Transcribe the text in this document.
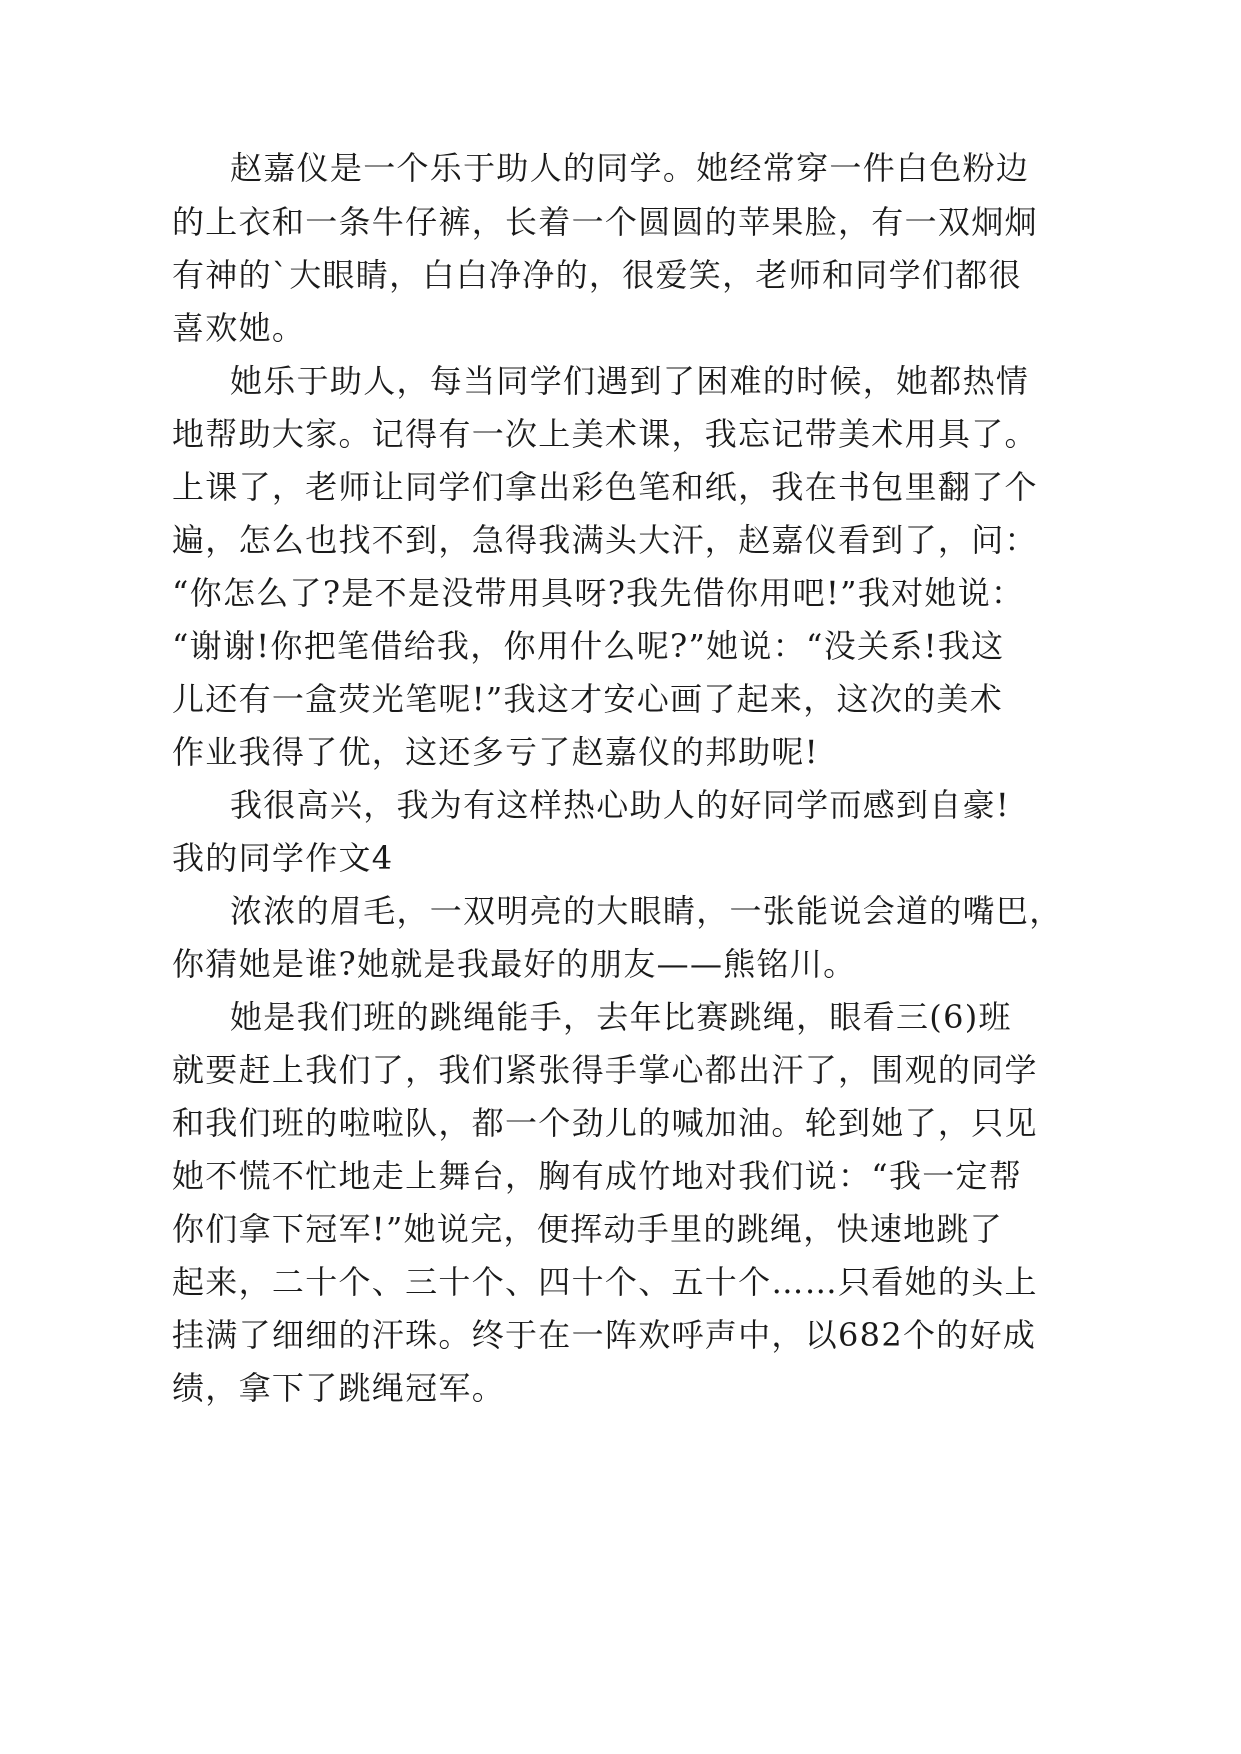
赵嘉仪是一个乐于助人的同学。她经常穿一件白色粉边
的上衣和一条牛仔裤，长着一个圆圆的苹果脸，有一双炯炯
有神的`大眼睛，白白净净的，很爱笑，老师和同学们都很
喜欢她。
她乐于助人，每当同学们遇到了困难的时候，她都热情
地帮助大家。记得有一次上美术课，我忘记带美术用具了。
上课了，老师让同学们拿出彩色笔和纸，我在书包里翻了个
遍，怎么也找不到，急得我满头大汗，赵嘉仪看到了，问：
“你怎么了?是不是没带用具呀?我先借你用吧!”我对她说：
“谢谢!你把笔借给我，你用什么呢?”她说：“没关系!我这
儿还有一盒荧光笔呢!”我这才安心画了起来，这次的美术
作业我得了优，这还多亏了赵嘉仪的邦助呢!
我很高兴，我为有这样热心助人的好同学而感到自豪!
我的同学作文4
浓浓的眉毛，一双明亮的大眼睛，一张能说会道的嘴巴，
你猜她是谁?她就是我最好的朋友——熊铭川。
她是我们班的跳绳能手，去年比赛跳绳，眼看三(6)班
就要赶上我们了，我们紧张得手掌心都出汗了，围观的同学
和我们班的啦啦队，都一个劲儿的喊加油。轮到她了，只见
她不慌不忙地走上舞台，胸有成竹地对我们说：“我一定帮
你们拿下冠军!”她说完，便挥动手里的跳绳，快速地跳了
起来，二十个、三十个、四十个、五十个……只看她的头上
挂满了细细的汗珠。终于在一阵欢呼声中，以682个的好成
绩，拿下了跳绳冠军。
